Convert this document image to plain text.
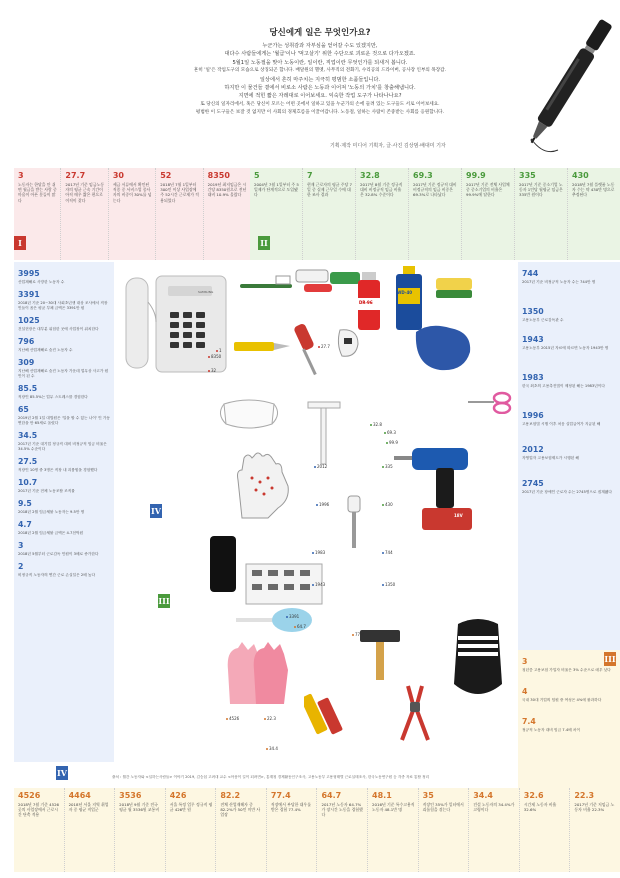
당신에게 일은 무엇인가요?
누군가는 성취감과 자부심을 얻어갈 수도 있겠지만,
대다수 사람들에게는 '월급'이나 '먹고살기' 위한 수단으로 괴로운 것으로 다가오겠죠.
5월1일 노동절을 맞아 노동이란, 일이란, 직업이란 무엇인가를 되새겨 봅니다.
흔히 '일'은 작업도구의 모습으로 상징되곤 합니다. 배달원의 헬멧, 사무직의 전화기, 수리공의 드라이버, 공사장 인부의 목장갑.
일상에서 흔히 마주치는 지극히 평범한 소품들입니다.
하지만 이 물건들 곁에서 비로소 사람은 노동과 이어져 '노동의 가치'를 창출해냅니다.
지면에 적힌 짧은 자레대로 이어보세요. 익숙한 작업 도구가 나타나나요?
또 당신의 일자리에서, 혹은 당신이 모르는 어떤 곳에서 일하고 있을 누군가의 손에 들려 있는 도구들도 서로 이어보세요.
평범한 이 도구들은 보잘 것 없지만 이 사회의 경제흐름을 이끌어갑니다. 노동절, 일하는 사람이 존중받는 사회를 응원합니다.
기획·제작 미디어 기획자, 글·사진 김상범·배대미 기자
3
노동자는 한달을 안 쉬면 월급을 받는 사람 중 마음이 아픈 분들이 많다
27.7
2017년 기준 임금노동자의 평균 근속 기간이 아직 매우 짧은 편으로 이직이 잦다
30
세금 서류에서 확인된 직종 중 서비스업 종사자의 비중이 30%를 넘는다
52
2018년 7월 1일부터 300인 이상 사업장에 주 52시간 근로제가 적용되었다
8350
2019년 최저임금은 시간당 8350원으로 전년 대비 10.9% 올랐다
I
5
2004년 7월 1일부터 주 5일제가 단계적으로 도입됐다
7
현재 근로자의 평균 주당 7일 중 실제 근무일 수에 대한 조사 결과
32.8
2017년 8월 기준 정규직 대비 비정규직 임금 비율은 32.8% 수준이다
69.3
2017년 기준 정규직 대비 비정규직의 임금 비중은 69.3%로 나타났다
99.9
2017년 기준 전체 사업체 중 중소기업의 비율은 99.9%에 달한다
335
2017년 기준 중소기업 노동자 1인당 월평균 임금은 335만 원이다
430
2018년 7월 플랫폼 노동자 수는 약 430만 명으로 추정된다
II
3995
산업재해로 사망한 노동자 수
3391
2018년 기준 20~30대 사회초년생 대상 조사에서 직장인들이 꼽은 평균 부채 금액은 3391만 원
1025
건설현장은 대부분 위험한 곳에 사업장이 위치한다
796
지난해 산업재해로 숨진 노동자 수
309
지난해 산업재해로 숨진 노동자 가운데 업무상 사고가 원인이 된 수
85.5
직장인 85.5%는 업무 스트레스를 경험한다
65
2019년 2월 1일 대법원은 '일을 할 수 있는 나이' 인 가동 연한을 만 65세로 올렸다
34.5
2017년 기준 대기업 정규직 대비 비정규직 임금 비율은 34.5% 수준이다
27.5
직장인 10명 중 3명은 직장 내 괴롭힘을 경험했다
10.7
2017년 기준 전체 노동조합 조직률
9.5
2018년 2월 임금체불 노동자는 9.5만 명
4.7
2018년 2월 임금체불 금액은 4.7천억원
3
2018년 5월부터 근로감독 인원이 3배로 증가한다
2
비정규직 노동자의 연간 근로 손실일은 2배 높다
IV
744
2017년 기준 비정규직 노동자 수는 744만 명
1350
고용노동부 근로감독관 수
1943
고용노동부 2015년 자료에 따르면 노동자 1943만 명
1983
한국 최초의 고용촉진법이 제정된 해는 1983년이다
1996
고용보험법 시행 이후 처음 실업급여가 지급된 해
2012
자영업자 고용보험제도가 시행된 해
2745
2017년 기준 장애인 근로자 수는 2745명으로 집계됐다
3
청년층 고용보험 가입자 비율은 3% 수준으로 매우 낮다
4
국내 30대 기업의 임원 중 여성은 4%에 불과하다
7.4
정규직 노동자 대비 임금 7.4배 차이
III
SAMSUNG
DR-96
WD-40
18V
1
8350
27.7
32
32.8
69.3
99.9
335
2012
1996	430
1983	744
1943	1350
3391
4526	22.3
77.4
64.7
34.4
IV
III
출처 : 월간 노동자와 <일하는사람들> 이야기 2019, 김승섭 고려대 교수 <아픔이 길이 되려면>, 통계청 경제활동인구조사, 고용노동부 고용형태별 근로실태조사, 한국노동연구원 등 각종 자료 통합 정리
4526
2018년 7월 기준 4526곳의 사업장에서 근로시간 단축 적용
4464
2018년 서울 지역 취업자 중 평균 직업군
3536
2018년 9월 기준 전국 평균 월 3536원 교통비
426
서울 특정 업무 정규직 평균 426만 원
82.2
전체 산업재해자 중 82.2%가 50인 미만 사업장
77.4
직장에서 부당한 대우를 받은 경험 77.4%
64.7
2017년 노동자 64.7%가 장시간 노동을 경험했다
48.1
2016년 기준 특수고용직 노동자 48.1만 명
35
직장인 35%가 일터에서 괴롭힘을 겪는다
34.4
건설 노동자의 34.4%가 고령이다
32.6
시간제 노동자 비율 32.6%
22.3
2017년 기준 저임금 노동자 비율 22.3%
